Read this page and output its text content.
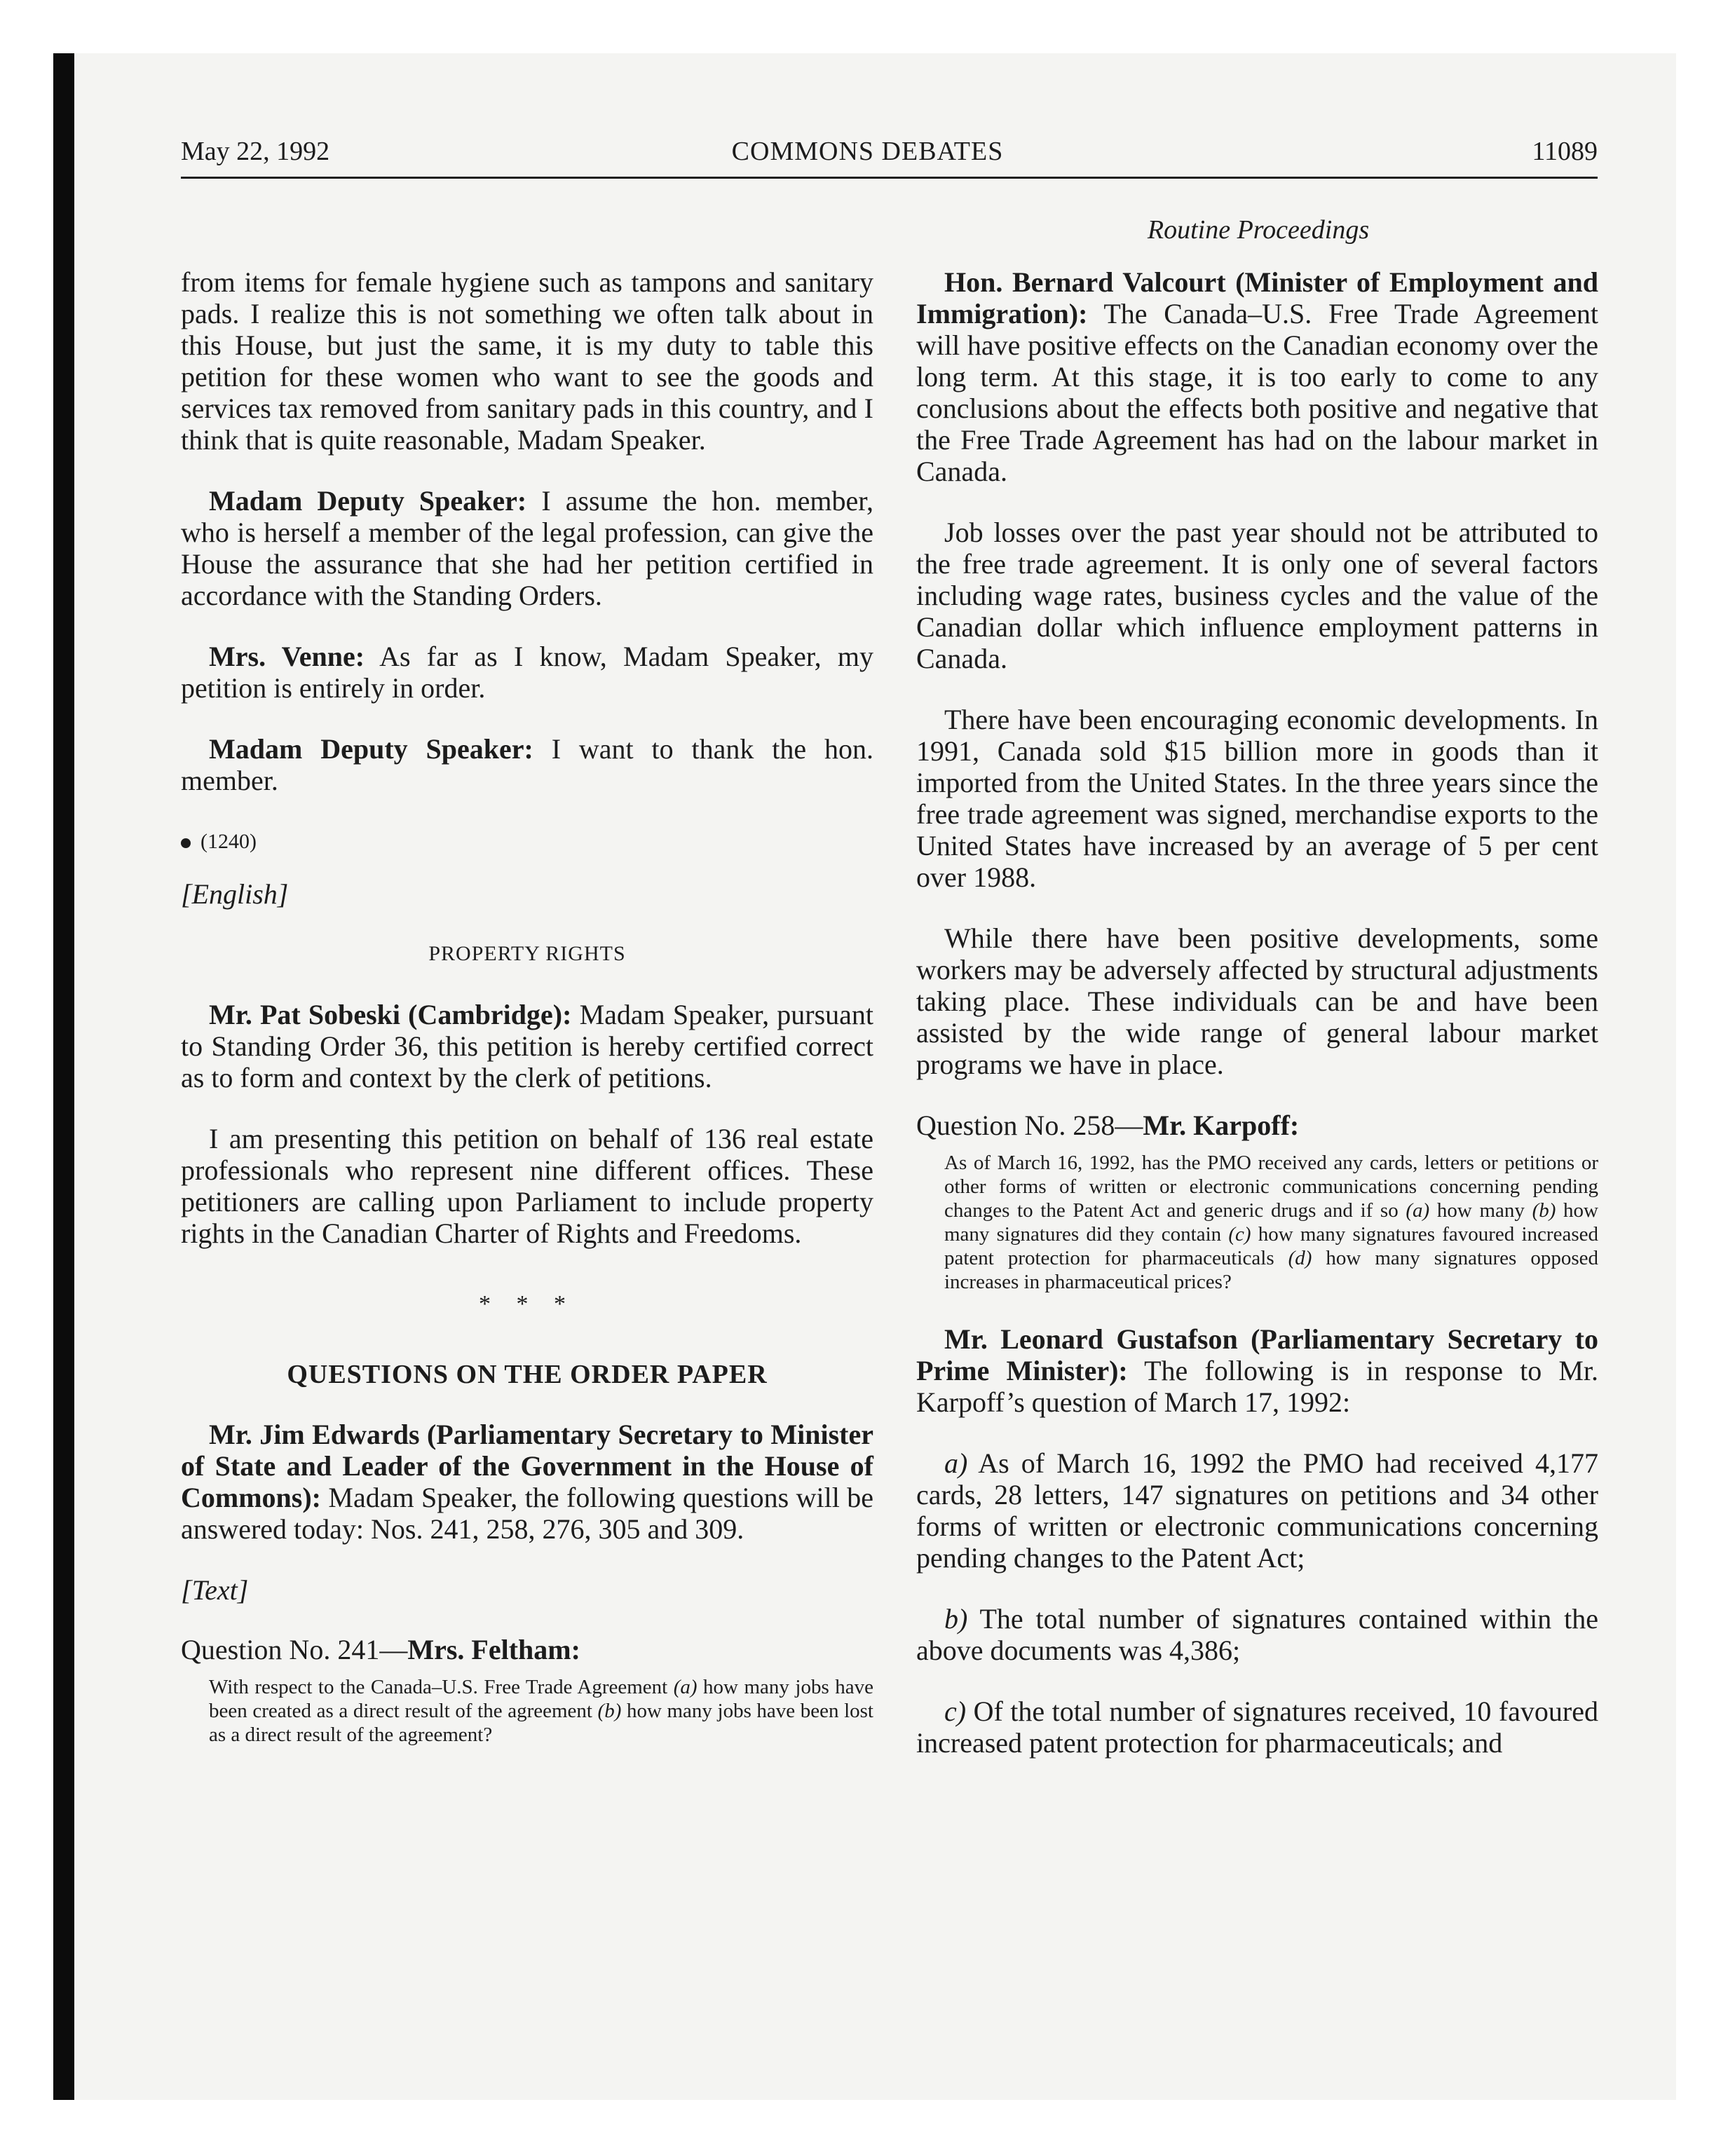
May 22, 1992	COMMONS DEBATES	11089
Routine Proceedings

from items for female hygiene such as tampons and sanitary pads. I realize this is not something we often talk about in this House, but just the same, it is my duty to table this petition for these women who want to see the goods and services tax removed from sanitary pads in this country, and I think that is quite reasonable, Madam Speaker.

Madam Deputy Speaker: I assume the hon. member, who is herself a member of the legal profession, can give the House the assurance that she had her petition certified in accordance with the Standing Orders.

Mrs. Venne: As far as I know, Madam Speaker, my petition is entirely in order.

Madam Deputy Speaker: I want to thank the hon. member.

(1240)

[English]

PROPERTY RIGHTS

Mr. Pat Sobeski (Cambridge): Madam Speaker, pursuant to Standing Order 36, this petition is hereby certified correct as to form and context by the clerk of petitions.

I am presenting this petition on behalf of 136 real estate professionals who represent nine different offices. These petitioners are calling upon Parliament to include property rights in the Canadian Charter of Rights and Freedoms.

* * *
QUESTIONS ON THE ORDER PAPER

Mr. Jim Edwards (Parliamentary Secretary to Minister of State and Leader of the Government in the House of Commons): Madam Speaker, the following questions will be answered today: Nos. 241, 258, 276, 305 and 309.

[Text]

Question No. 241—Mrs. Feltham:

With respect to the Canada–U.S. Free Trade Agreement (a) how many jobs have been created as a direct result of the agreement (b) how many jobs have been lost as a direct result of the agreement?

Hon. Bernard Valcourt (Minister of Employment and Immigration): The Canada–U.S. Free Trade Agreement will have positive effects on the Canadian economy over the long term. At this stage, it is too early to come to any conclusions about the effects both positive and negative that the Free Trade Agreement has had on the labour market in Canada.

Job losses over the past year should not be attributed to the free trade agreement. It is only one of several factors including wage rates, business cycles and the value of the Canadian dollar which influence employment patterns in Canada.

There have been encouraging economic developments. In 1991, Canada sold $15 billion more in goods than it imported from the United States. In the three years since the free trade agreement was signed, merchandise exports to the United States have increased by an average of 5 per cent over 1988.

While there have been positive developments, some workers may be adversely affected by structural adjustments taking place. These individuals can be and have been assisted by the wide range of general labour market programs we have in place.

Question No. 258—Mr. Karpoff:

As of March 16, 1992, has the PMO received any cards, letters or petitions or other forms of written or electronic communications concerning pending changes to the Patent Act and generic drugs and if so (a) how many (b) how many signatures did they contain (c) how many signatures favoured increased patent protection for pharmaceuticals (d) how many signatures opposed increases in pharmaceutical prices?

Mr. Leonard Gustafson (Parliamentary Secretary to Prime Minister): The following is in response to Mr. Karpoff’s question of March 17, 1992:

a) As of March 16, 1992 the PMO had received 4,177 cards, 28 letters, 147 signatures on petitions and 34 other forms of written or electronic communications concerning pending changes to the Patent Act;

b) The total number of signatures contained within the above documents was 4,386;

c) Of the total number of signatures received, 10 favoured increased patent protection for pharmaceuticals; and
